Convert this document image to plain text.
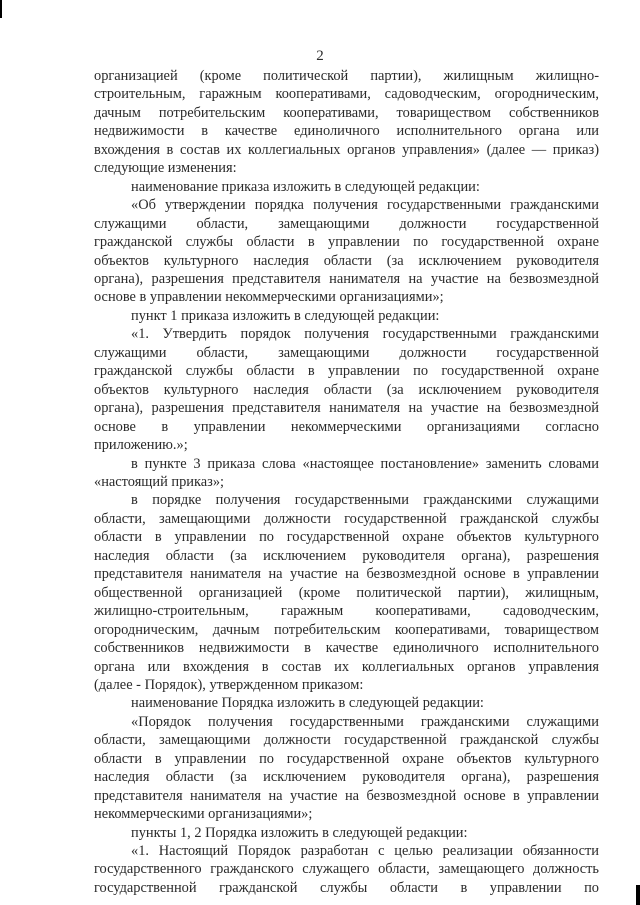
2
организацией (кроме политической партии), жилищным жилищно-
строительным, гаражным кооперативами, садоводческим, огородническим,
дачным потребительским кооперативами, товариществом собственников
недвижимости в качестве единоличного исполнительного органа или
вхождения в состав их коллегиальных органов управления» (далее — приказ)
следующие изменения:
наименование приказа изложить в следующей редакции:
«Об утверждении порядка получения государственными гражданскими
служащими области, замещающими должности государственной
гражданской службы области в управлении по государственной охране
объектов культурного наследия области (за исключением руководителя
органа), разрешения представителя нанимателя на участие на безвозмездной
основе в управлении некоммерческими организациями»;
пункт 1 приказа изложить в следующей редакции:
«1. Утвердить порядок получения государственными гражданскими
служащими области, замещающими должности государственной
гражданской службы области в управлении по государственной охране
объектов культурного наследия области (за исключением руководителя
органа), разрешения представителя нанимателя на участие на безвозмездной
основе в управлении некоммерческими организациями согласно
приложению.»;
в пункте 3 приказа слова «настоящее постановление» заменить словами
«настоящий приказ»;
в порядке получения государственными гражданскими служащими
области, замещающими должности государственной гражданской службы
области в управлении по государственной охране объектов культурного
наследия области (за исключением руководителя органа), разрешения
представителя нанимателя на участие на безвозмездной основе в управлении
общественной организацией (кроме политической партии), жилищным,
жилищно-строительным, гаражным кооперативами, садоводческим,
огородническим, дачным потребительским кооперативами, товариществом
собственников недвижимости в качестве единоличного исполнительного
органа или вхождения в состав их коллегиальных органов управления
(далее - Порядок), утвержденном приказом:
наименование Порядка изложить в следующей редакции:
«Порядок получения государственными гражданскими служащими
области, замещающими должности государственной гражданской службы
области в управлении по государственной охране объектов культурного
наследия области (за исключением руководителя органа), разрешения
представителя нанимателя на участие на безвозмездной основе в управлении
некоммерческими организациями»;
пункты 1, 2 Порядка изложить в следующей редакции:
«1. Настоящий Порядок разработан с целью реализации обязанности
государственного гражданского служащего области, замещающего должность
государственной гражданской службы области в управлении по
